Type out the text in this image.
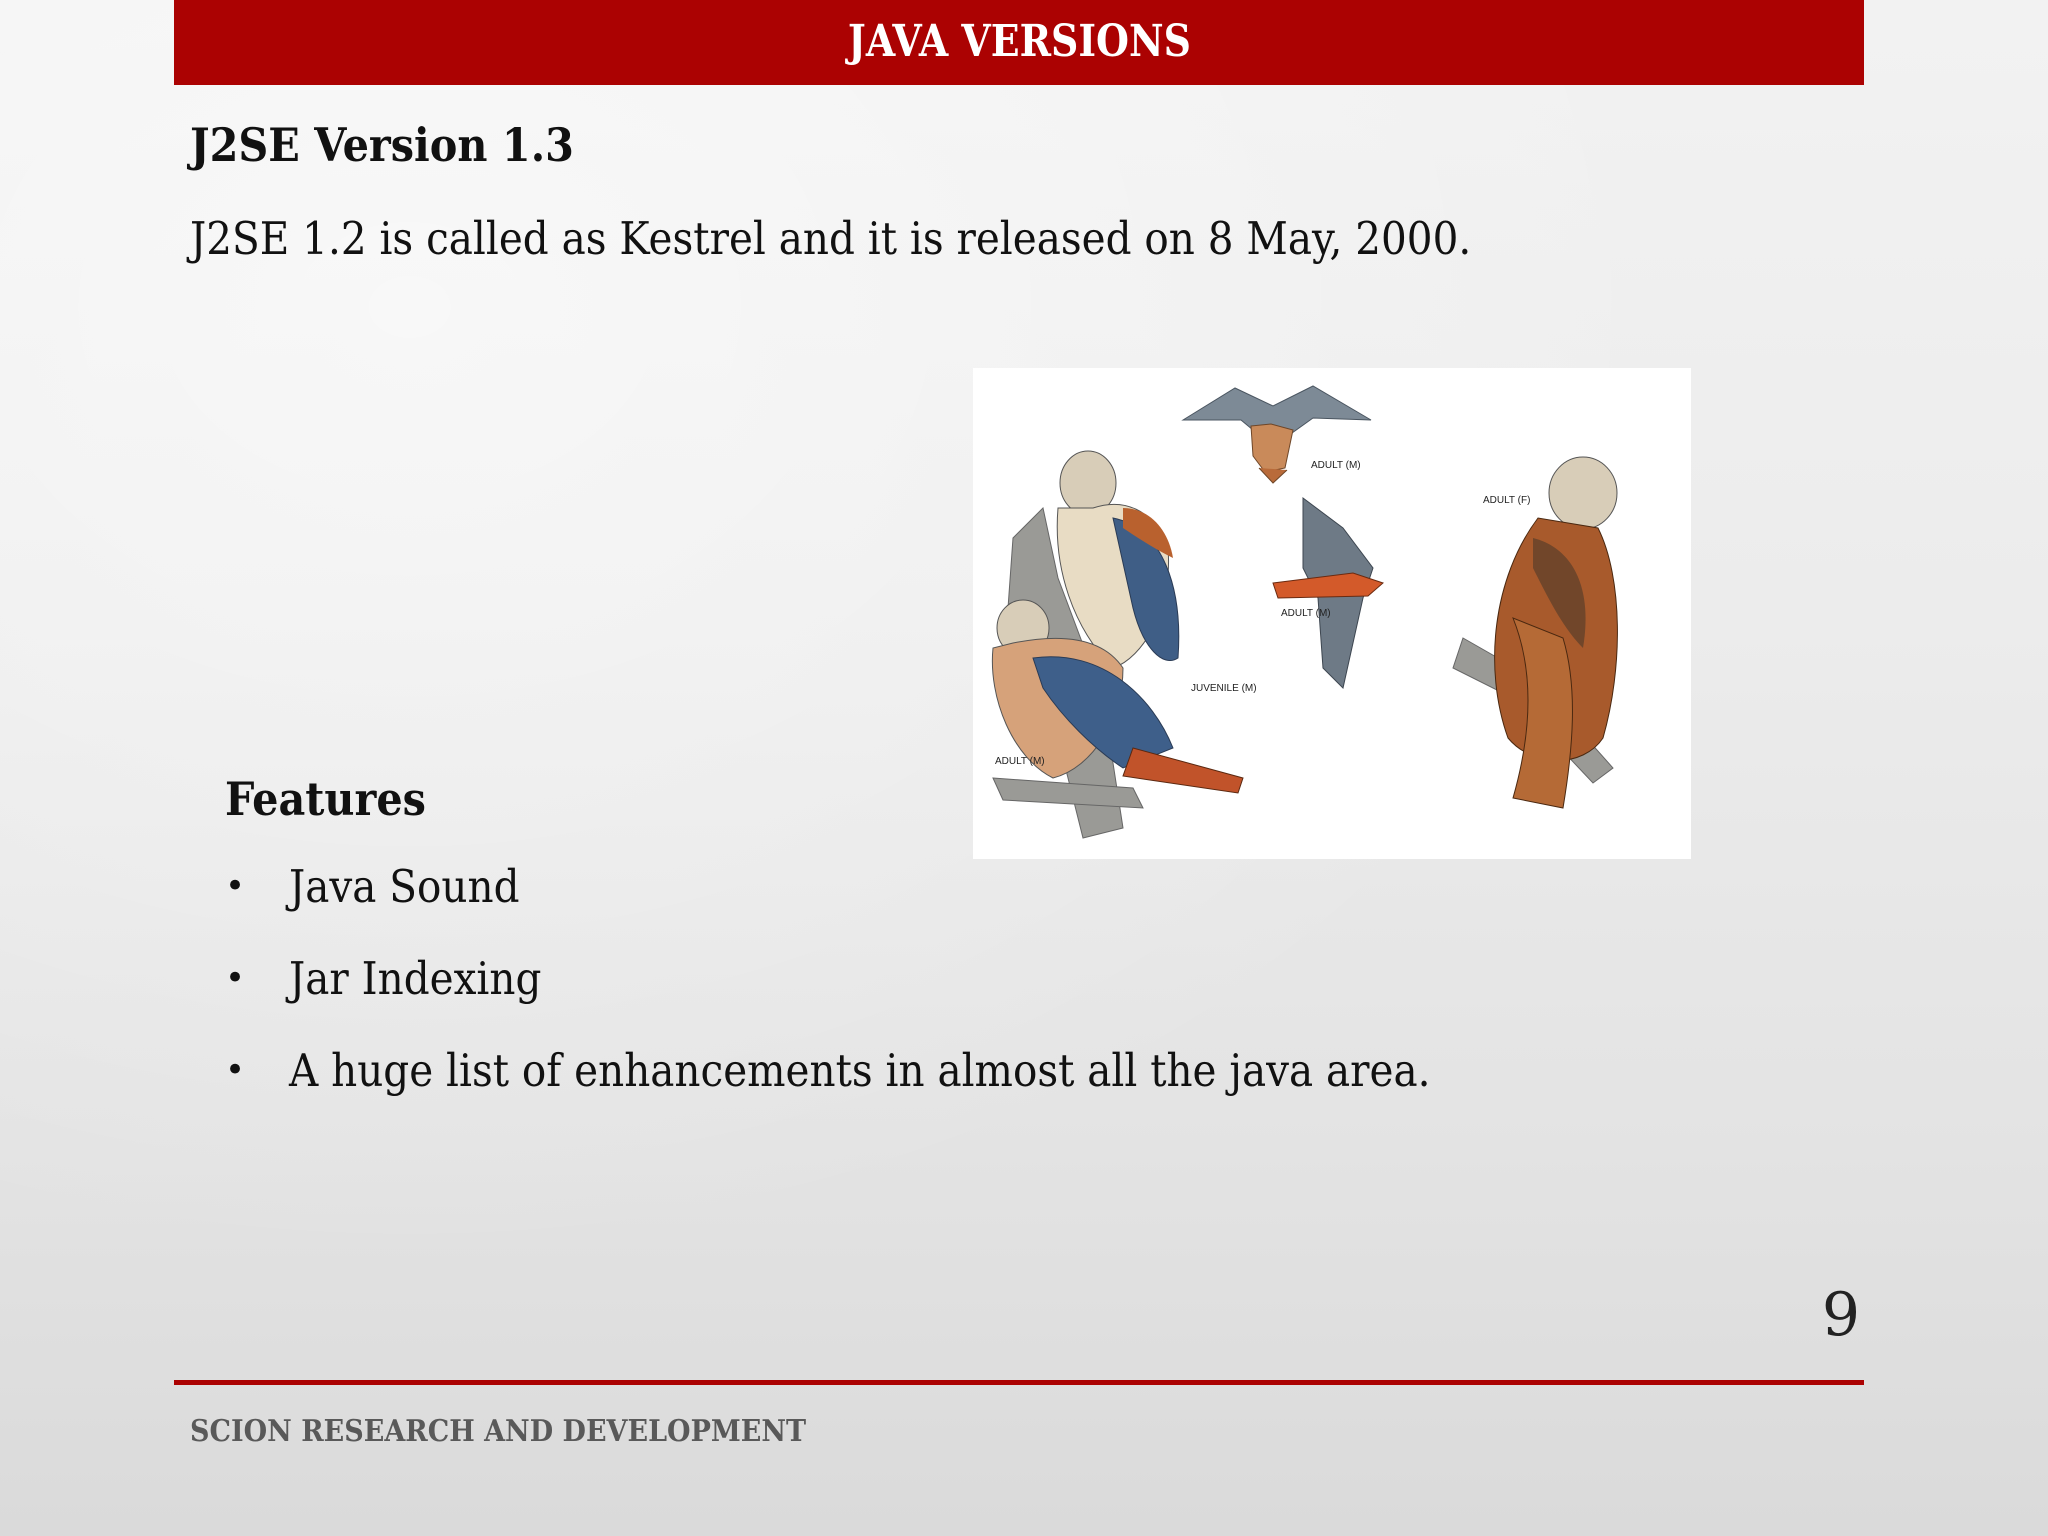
JAVA VERSIONS
J2SE Version 1.3
J2SE 1.2 is called as Kestrel and it is released on 8 May, 2000.
ADULT (M)
ADULT (M)
ADULT (M)
JUVENILE (M)
ADULT (F)
Features
• Java Sound
• Jar Indexing
• A huge list of enhancements in almost all the java area.
9
SCION RESEARCH AND DEVELOPMENT
